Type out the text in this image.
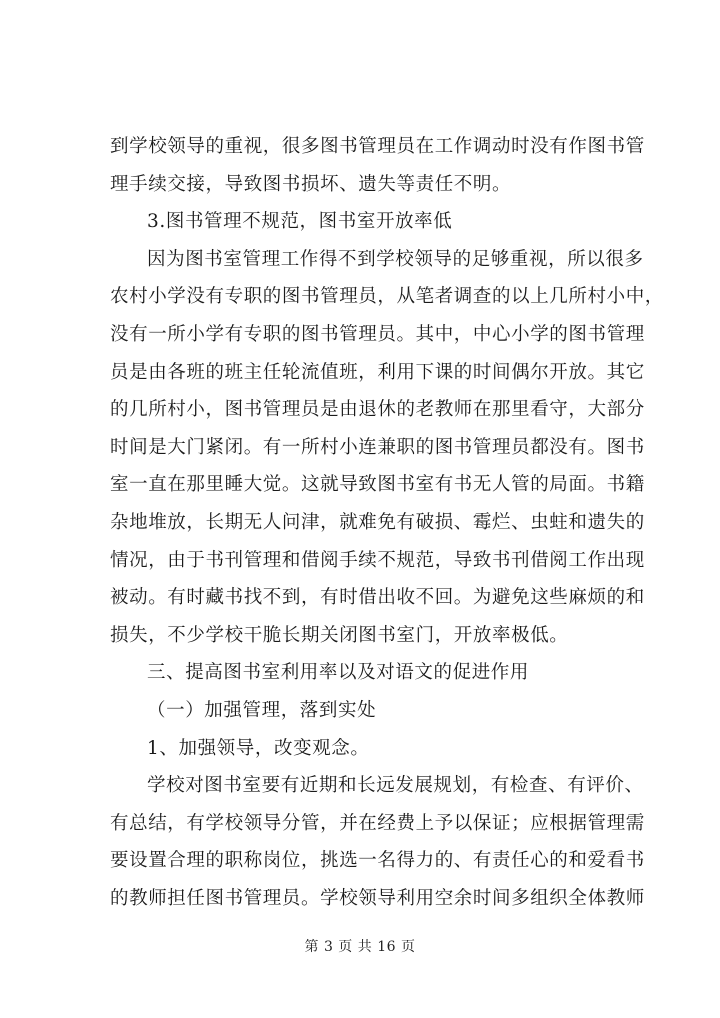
到学校领导的重视，很多图书管理员在工作调动时没有作图书管
理手续交接，导致图书损坏、遗失等责任不明。
3.图书管理不规范，图书室开放率低
因为图书室管理工作得不到学校领导的足够重视，所以很多
农村小学没有专职的图书管理员，从笔者调查的以上几所村小中，
没有一所小学有专职的图书管理员。其中，中心小学的图书管理
员是由各班的班主任轮流值班，利用下课的时间偶尔开放。其它
的几所村小，图书管理员是由退休的老教师在那里看守，大部分
时间是大门紧闭。有一所村小连兼职的图书管理员都没有。图书
室一直在那里睡大觉。这就导致图书室有书无人管的局面。书籍
杂地堆放，长期无人问津，就难免有破损、霉烂、虫蛀和遗失的
情况，由于书刊管理和借阅手续不规范，导致书刊借阅工作出现
被动。有时藏书找不到，有时借出收不回。为避免这些麻烦的和
损失，不少学校干脆长期关闭图书室门，开放率极低。
三、提高图书室利用率以及对语文的促进作用
（一）加强管理，落到实处
1、加强领导，改变观念。
学校对图书室要有近期和长远发展规划，有检查、有评价、
有总结，有学校领导分管，并在经费上予以保证；应根据管理需
要设置合理的职称岗位，挑选一名得力的、有责任心的和爱看书
的教师担任图书管理员。学校领导利用空余时间多组织全体教师
第 3 页 共 16 页
